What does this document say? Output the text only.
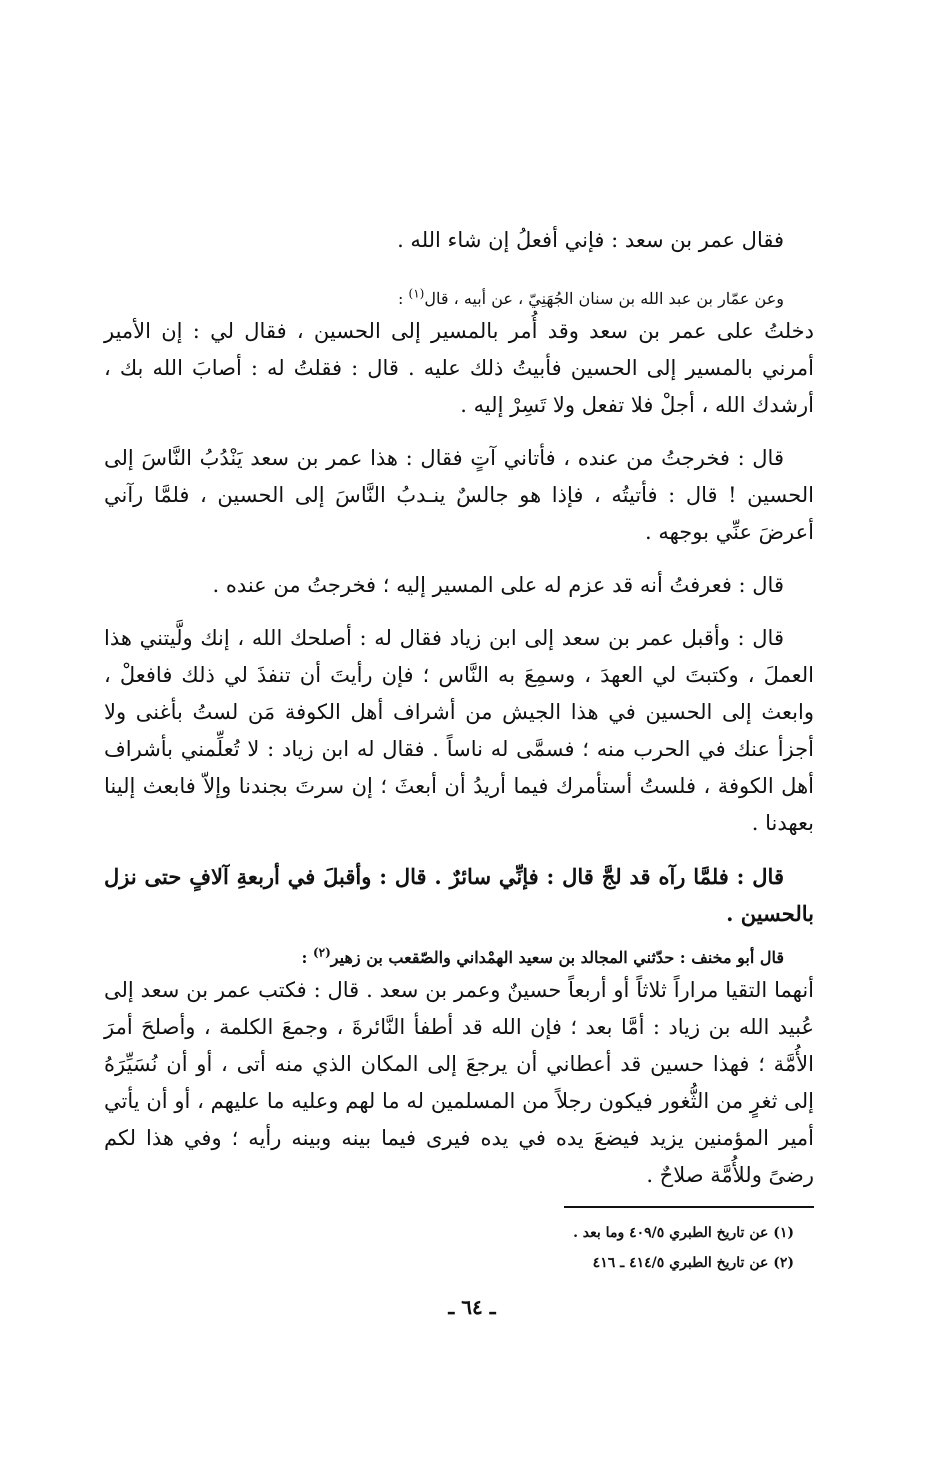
فقال عمر بن سعد : فإني أفعلُ إن شاء الله .

وعن عمّار بن عبد الله بن سنان الجُهَنِيّ ، عن أبيه ، قال$^{(١)}$ :

دخلتُ على عمر بن سعد وقد أُمر بالمسير إلى الحسين ، فقال لي : إن الأمير أمرني بالمسير إلى الحسين فأبيتُ ذلك عليه . قال : فقلتُ له : أصابَ الله بك ، أرشدك الله ، أجلْ فلا تفعل ولا تَسِرْ إليه .

قال : فخرجتُ من عنده ، فأتاني آتٍ فقال : هذا عمر بن سعد يَنْدُبُ النَّاسَ إلى الحسين ! قال : فأتيتُه ، فإذا هو جالسٌ ينـدبُ النَّاسَ إلى الحسين ، فلمَّا رآني أعرضَ عنِّي بوجهه .

قال : فعرفتُ أنه قد عزم له على المسير إليه ؛ فخرجتُ من عنده .

قال : وأقبل عمر بن سعد إلى ابن زياد فقال له : أصلحك الله ، إنك ولَّيتني هذا العملَ ، وكتبتَ لي العهدَ ، وسمِعَ به النَّاس ؛ فإن رأيتَ أن تنفذَ لي ذلك فافعلْ ، وابعث إلى الحسين في هذا الجيش من أشراف أهل الكوفة مَن لستُ بأغنى ولا أجزأ عنك في الحرب منه ؛ فسمَّى له ناساً . فقال له ابن زياد : لا تُعلِّمني بأشراف أهل الكوفة ، فلستُ أستأمرك فيما أريدُ أن أبعثَ ؛ إن سرتَ بجندنا وإلاّ فابعث إلينا بعهدنا .

قال : فلمَّا رآه قد لجَّ قال : فإنِّي سائرٌ . قال : وأقبلَ في أربعةِ آلافٍ حتى نزل بالحسين .

قال أبو مخنف : حدّثني المجالد بن سعيد الهمْداني والصّقعب بن زهير$^{(٢)}$ :

أنهما التقيا مراراً ثلاثاً أو أربعاً حسينٌ وعمر بن سعد . قال : فكتب عمر بن سعد إلى عُبيد الله بن زياد : أمَّا بعد ؛ فإن الله قد أطفأ النَّائرةَ ، وجمعَ الكلمة ، وأصلحَ أمرَ الأُمَّة ؛ فهذا حسين قد أعطاني أن يرجعَ إلى المكان الذي منه أتى ، أو أن نُسَيِّرَهُ إلى ثغرٍ من الثُّغور فيكون رجلاً من المسلمين له ما لهم وعليه ما عليهم ، أو أن يأتي أمير المؤمنين يزيد فيضعَ يده في يده فيرى فيما بينه وبينه رأيه ؛ وفي هذا لكم رضىً وللأُمَّة صلاحٌ .

(١) عن تاريخ الطبري ٤٠٩/٥ وما بعد .

(٢) عن تاريخ الطبري ٤١٤/٥ ـ ٤١٦

ـ ٦٤ ـ
